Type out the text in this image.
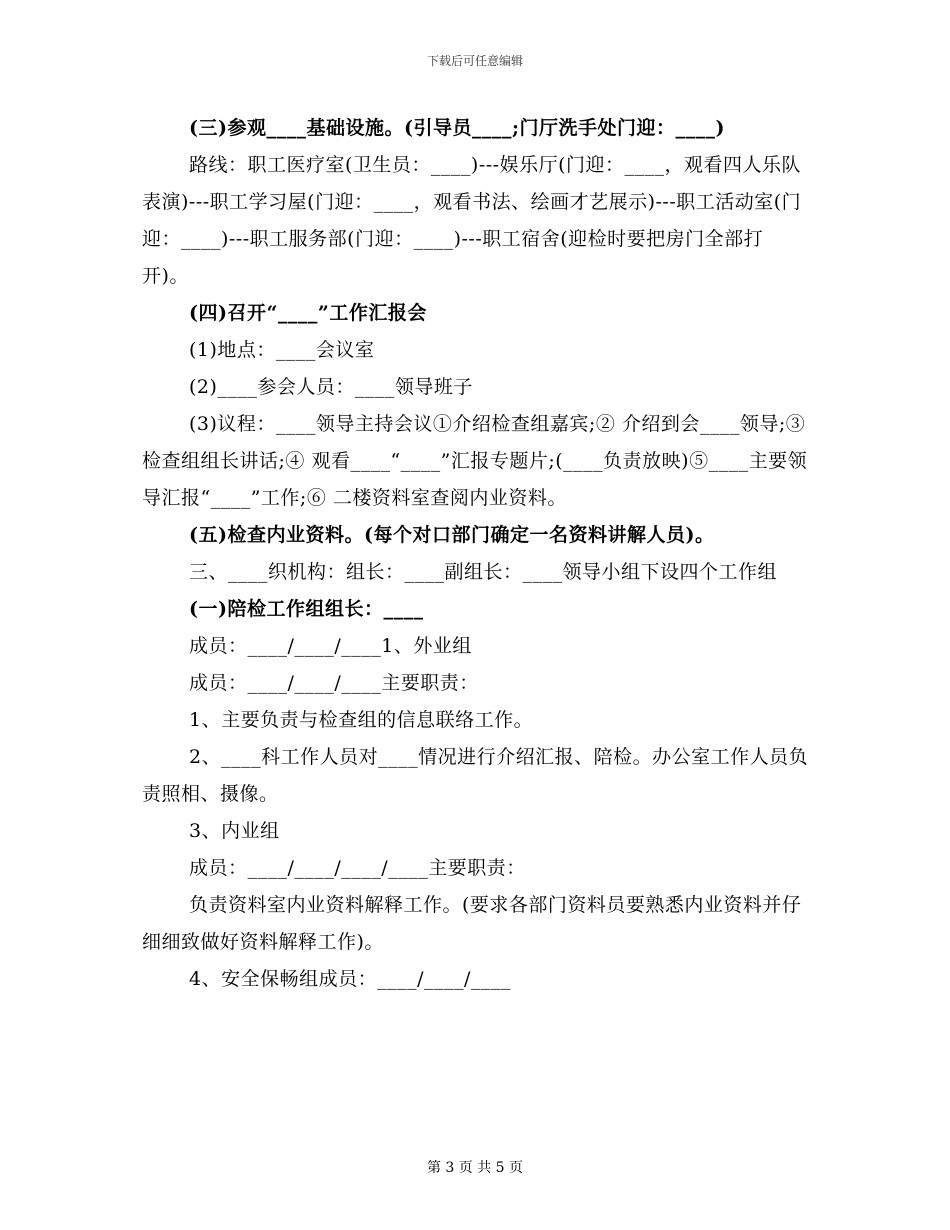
下载后可任意编辑

(三)参观____基础设施。(引导员____;门厅洗手处门迎：____)

路线：职工医疗室(卫生员：____)---娱乐厅(门迎：____，观看四人乐队表演)---职工学习屋(门迎：____，观看书法、绘画才艺展示)---职工活动室(门迎：____)---职工服务部(门迎：____)---职工宿舍(迎检时要把房门全部打开)。

(四)召开“____”工作汇报会

(1)地点：____会议室

(2)____参会人员：____领导班子

(3)议程：____领导主持会议①介绍检查组嘉宾;② 介绍到会____领导;③ 检查组组长讲话;④ 观看____“____”汇报专题片;(____负责放映)⑤____主要领导汇报“____”工作;⑥ 二楼资料室查阅内业资料。

(五)检查内业资料。(每个对口部门确定一名资料讲解人员)。

三、____织机构：组长：____副组长：____领导小组下设四个工作组

(一)陪检工作组组长：____

成员：____/____/____1、外业组

成员：____/____/____主要职责：

1、主要负责与检查组的信息联络工作。

2、____科工作人员对____情况进行介绍汇报、陪检。办公室工作人员负责照相、摄像。

3、内业组

成员：____/____/____/____主要职责：

负责资料室内业资料解释工作。(要求各部门资料员要熟悉内业资料并仔细细致做好资料解释工作)。

4、安全保畅组成员：____/____/____

第 3 页 共 5 页
